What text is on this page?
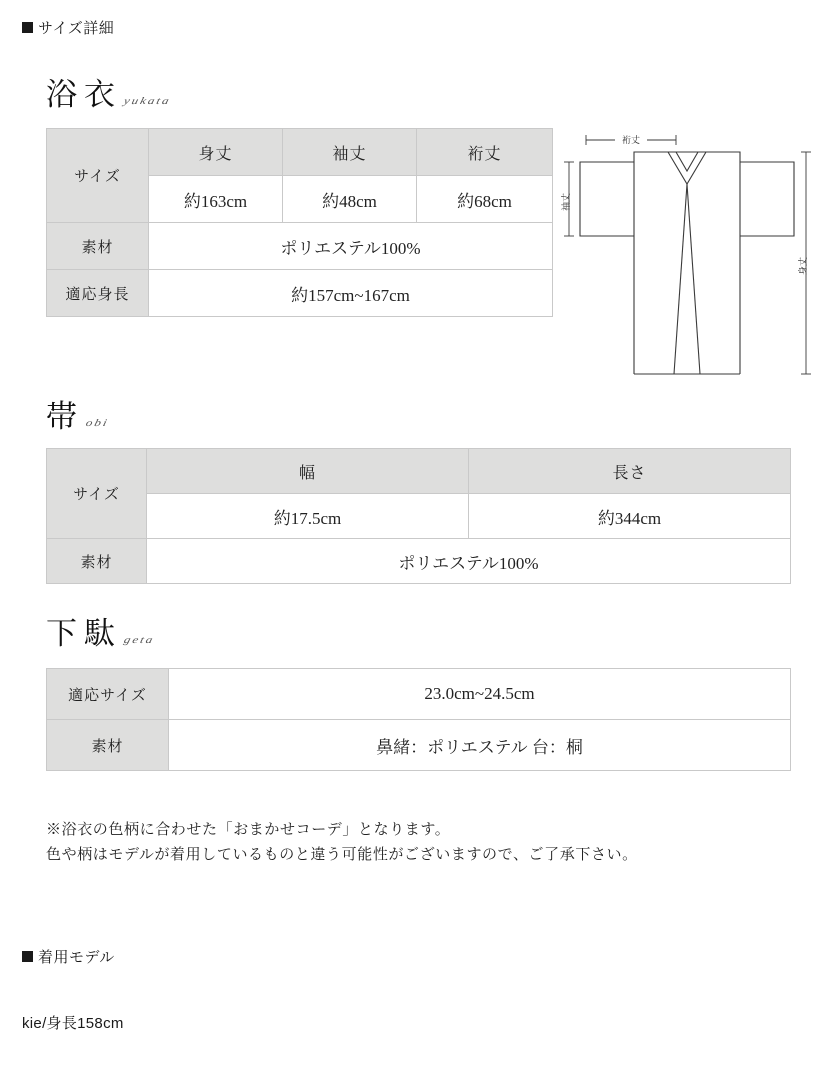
サイズ詳細
浴衣 yukata
サイズ	身丈	袖丈	裄丈
	約163cm	約48cm	約68cm
素材	ポリエステル100%		
適応身長	約157cm~167cm		
裄丈
袖丈
身丈
帯 obi
サイズ	幅	長さ
	約17.5cm	約344cm
素材	ポリエステル100%	
下駄 geta
適応サイズ	23.0cm~24.5cm
素材	鼻緒：ポリエステル 台：桐
※浴衣の色柄に合わせた「おまかせコーデ」となります。
色や柄はモデルが着用しているものと違う可能性がございますので、ご了承下さい。
着用モデル
kie/身長158cm
